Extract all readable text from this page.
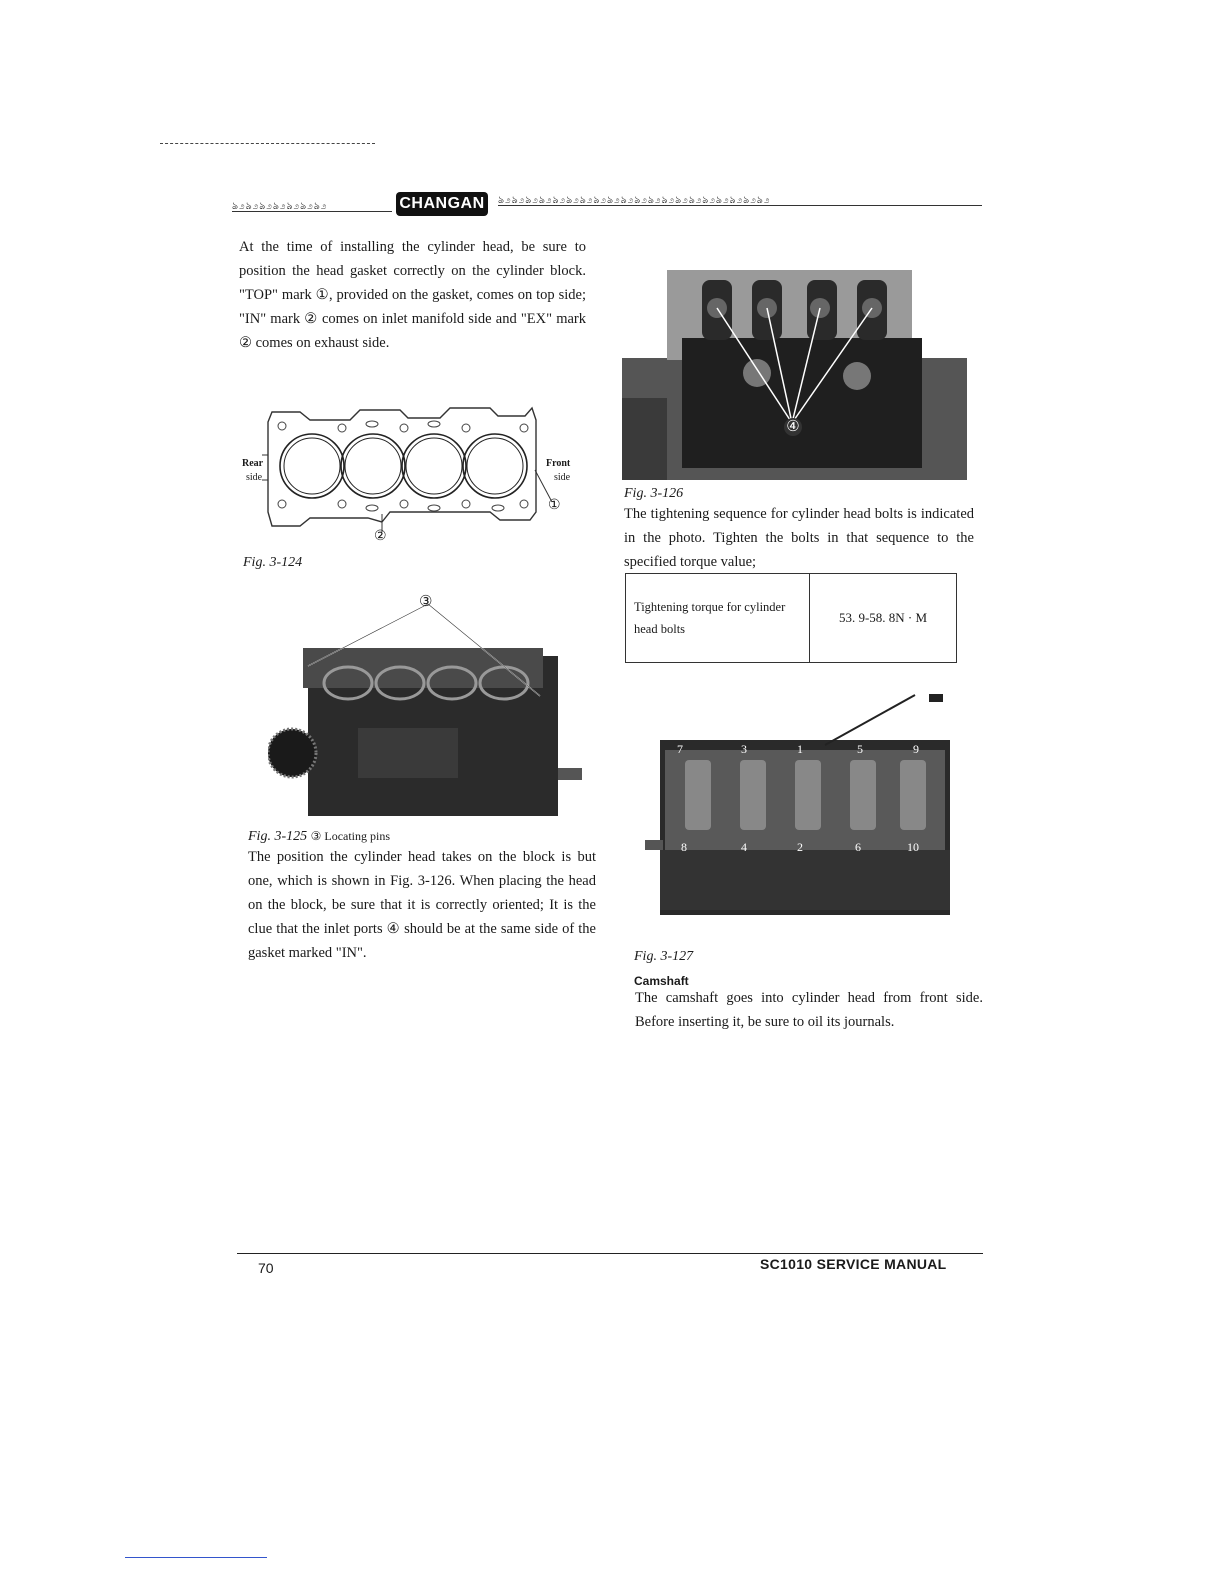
ঌ೨ঌ೨ঌ೨ঌ೨ঌ೨ঌ೨ঌ೨	CHANGAN	ঌ೨ঌ೨ঌ೨ঌ೨ঌ೨ঌ೨ঌ೨ঌ೨ঌ೨ঌ೨ঌ೨ঌ೨ঌ೨ঌ೨ঌ೨ঌ೨ঌ೨ঌ೨ঌ೨ঌ೨
At the time of installing the cylinder head, be sure to position the head gasket correctly on the cylinder block. "TOP" mark ①, provided on the gasket, comes on top side; "IN" mark ② comes on inlet manifold side and "EX" mark ② comes on exhaust side.
Rear
side
Front
side
①
②
Fig. 3-124
③
Fig. 3-125 ③ Locating pins
The position the cylinder head takes on the block is but one, which is shown in Fig. 3-126. When placing the head on the block, be sure that it is correctly oriented; It is the clue that the inlet ports ④ should be at the same side of the gasket marked "IN".
④
Fig. 3-126
The tightening sequence for cylinder head bolts is indicated in the photo. Tighten the bolts in that sequence to the specified torque value;
Tightening torque for cylinder head bolts	53. 9-58. 8N · M
7	3	1	5	9
8	4	2	6	10
Fig. 3-127
Camshaft
The camshaft goes into cylinder head from front side. Before inserting it, be sure to oil its journals.
70	SC1010 SERVICE MANUAL
